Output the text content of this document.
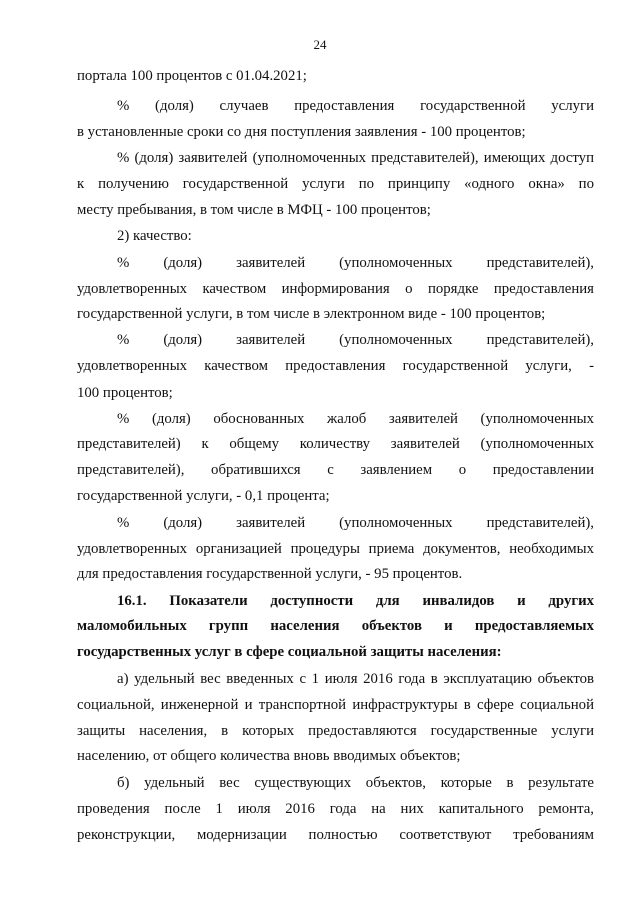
24
портала 100 процентов с 01.04.2021;
% (доля) случаев предоставления государственной услуги
в установленные сроки со дня поступления заявления - 100 процентов;
% (доля) заявителей (уполномоченных представителей), имеющих доступ
к получению государственной услуги по принципу «одного окна» по
месту пребывания, в том числе в МФЦ - 100 процентов;
2) качество:
% (доля) заявителей (уполномоченных представителей),
удовлетворенных качеством информирования о порядке предоставления
государственной услуги, в том числе в электронном виде - 100 процентов;
% (доля) заявителей (уполномоченных представителей),
удовлетворенных качеством предоставления государственной услуги, -
100 процентов;
% (доля) обоснованных жалоб заявителей (уполномоченных
представителей) к общему количеству заявителей (уполномоченных
представителей), обратившихся с заявлением о предоставлении
государственной услуги, - 0,1 процента;
% (доля) заявителей (уполномоченных представителей),
удовлетворенных организацией процедуры приема документов, необходимых
для предоставления государственной услуги, - 95 процентов.
16.1. Показатели доступности для инвалидов и других
маломобильных групп населения объектов и предоставляемых
государственных услуг в сфере социальной защиты населения:
а) удельный вес введенных с 1 июля 2016 года в эксплуатацию объектов
социальной, инженерной и транспортной инфраструктуры в сфере социальной
защиты населения, в которых предоставляются государственные услуги
населению, от общего количества вновь вводимых объектов;
б) удельный вес существующих объектов, которые в результате
проведения после 1 июля 2016 года на них капитального ремонта,
реконструкции, модернизации полностью соответствуют требованиям
